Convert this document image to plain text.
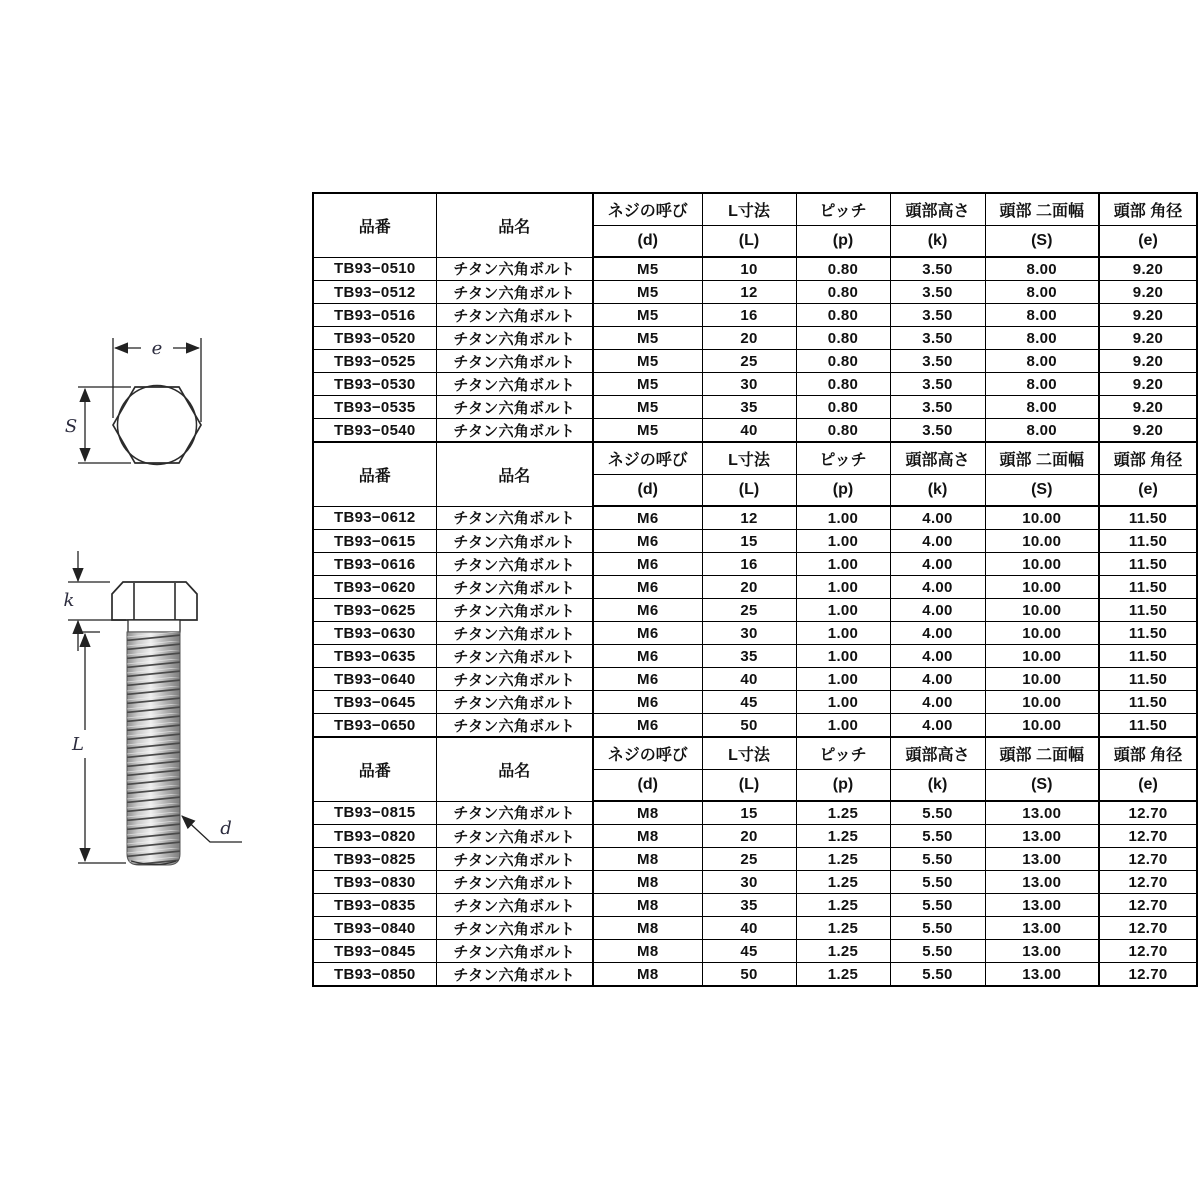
e
S
k
L
d
品番	品名	ネジの呼び	L寸法	ピッチ	頭部高さ	頭部 二面幅	頭部 角径
		(d)	(L)	(p)	(k)	(S)	(e)
TB93−0510	チタン六角ボルト	M5	10	0.80	3.50	8.00	9.20
TB93−0512	チタン六角ボルト	M5	12	0.80	3.50	8.00	9.20
TB93−0516	チタン六角ボルト	M5	16	0.80	3.50	8.00	9.20
TB93−0520	チタン六角ボルト	M5	20	0.80	3.50	8.00	9.20
TB93−0525	チタン六角ボルト	M5	25	0.80	3.50	8.00	9.20
TB93−0530	チタン六角ボルト	M5	30	0.80	3.50	8.00	9.20
TB93−0535	チタン六角ボルト	M5	35	0.80	3.50	8.00	9.20
TB93−0540	チタン六角ボルト	M5	40	0.80	3.50	8.00	9.20
品番	品名	ネジの呼び	L寸法	ピッチ	頭部高さ	頭部 二面幅	頭部 角径
		(d)	(L)	(p)	(k)	(S)	(e)
TB93−0612	チタン六角ボルト	M6	12	1.00	4.00	10.00	11.50
TB93−0615	チタン六角ボルト	M6	15	1.00	4.00	10.00	11.50
TB93−0616	チタン六角ボルト	M6	16	1.00	4.00	10.00	11.50
TB93−0620	チタン六角ボルト	M6	20	1.00	4.00	10.00	11.50
TB93−0625	チタン六角ボルト	M6	25	1.00	4.00	10.00	11.50
TB93−0630	チタン六角ボルト	M6	30	1.00	4.00	10.00	11.50
TB93−0635	チタン六角ボルト	M6	35	1.00	4.00	10.00	11.50
TB93−0640	チタン六角ボルト	M6	40	1.00	4.00	10.00	11.50
TB93−0645	チタン六角ボルト	M6	45	1.00	4.00	10.00	11.50
TB93−0650	チタン六角ボルト	M6	50	1.00	4.00	10.00	11.50
品番	品名	ネジの呼び	L寸法	ピッチ	頭部高さ	頭部 二面幅	頭部 角径
		(d)	(L)	(p)	(k)	(S)	(e)
TB93−0815	チタン六角ボルト	M8	15	1.25	5.50	13.00	12.70
TB93−0820	チタン六角ボルト	M8	20	1.25	5.50	13.00	12.70
TB93−0825	チタン六角ボルト	M8	25	1.25	5.50	13.00	12.70
TB93−0830	チタン六角ボルト	M8	30	1.25	5.50	13.00	12.70
TB93−0835	チタン六角ボルト	M8	35	1.25	5.50	13.00	12.70
TB93−0840	チタン六角ボルト	M8	40	1.25	5.50	13.00	12.70
TB93−0845	チタン六角ボルト	M8	45	1.25	5.50	13.00	12.70
TB93−0850	チタン六角ボルト	M8	50	1.25	5.50	13.00	12.70
